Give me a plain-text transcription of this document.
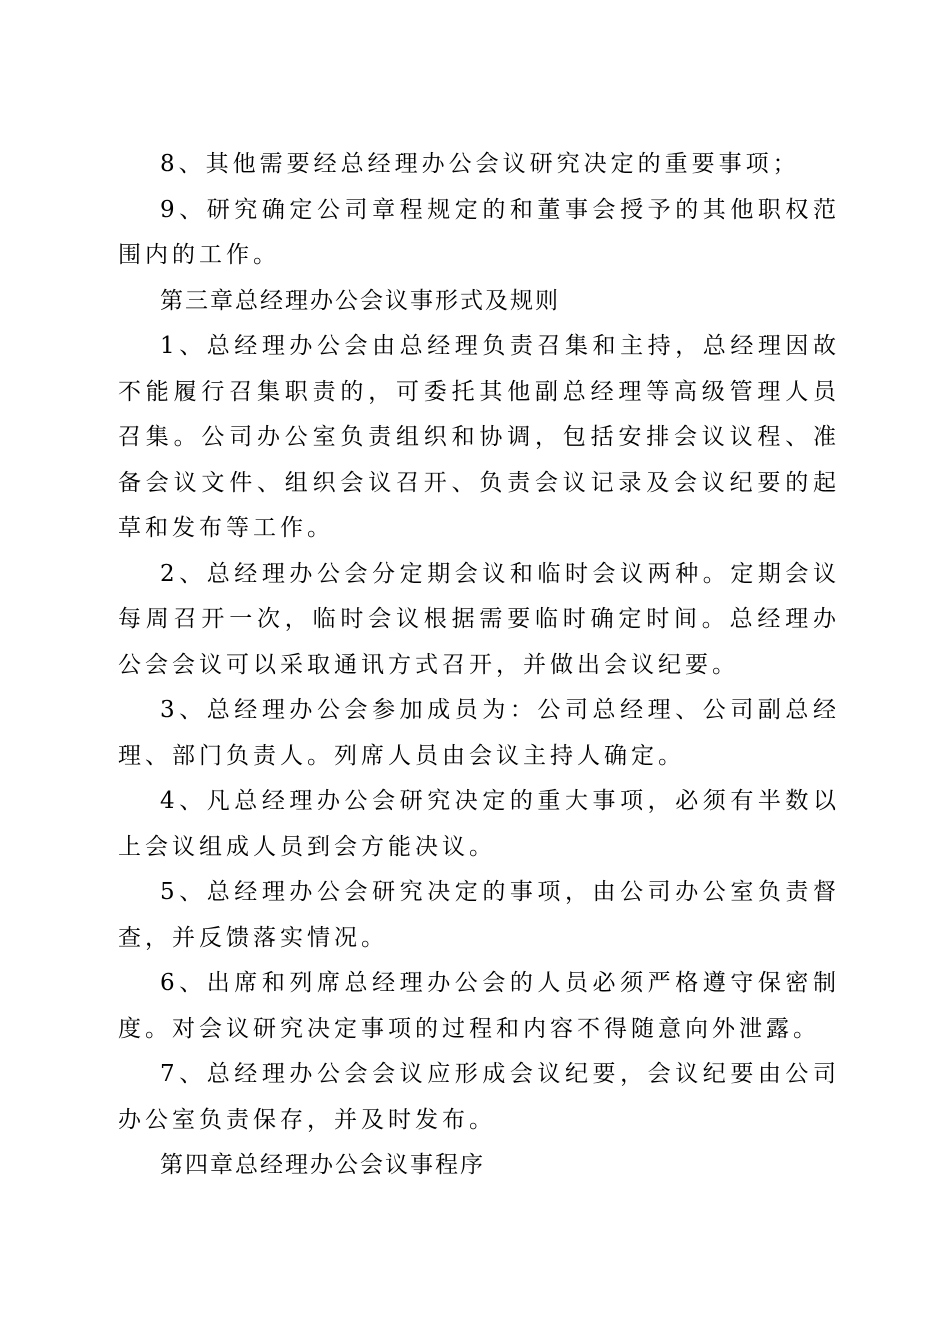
8、其他需要经总经理办公会议研究决定的重要事项；

9、研究确定公司章程规定的和董事会授予的其他职权范围内的工作。

第三章总经理办公会议事形式及规则

1、总经理办公会由总经理负责召集和主持，总经理因故不能履行召集职责的，可委托其他副总经理等高级管理人员召集。公司办公室负责组织和协调，包括安排会议议程、准备会议文件、组织会议召开、负责会议记录及会议纪要的起草和发布等工作。

2、总经理办公会分定期会议和临时会议两种。定期会议每周召开一次，临时会议根据需要临时确定时间。总经理办公会会议可以采取通讯方式召开，并做出会议纪要。

3、总经理办公会参加成员为：公司总经理、公司副总经理、部门负责人。列席人员由会议主持人确定。

4、凡总经理办公会研究决定的重大事项，必须有半数以上会议组成人员到会方能决议。

5、总经理办公会研究决定的事项，由公司办公室负责督查，并反馈落实情况。

6、出席和列席总经理办公会的人员必须严格遵守保密制度。对会议研究决定事项的过程和内容不得随意向外泄露。

7、总经理办公会会议应形成会议纪要，会议纪要由公司办公室负责保存，并及时发布。

第四章总经理办公会议事程序
